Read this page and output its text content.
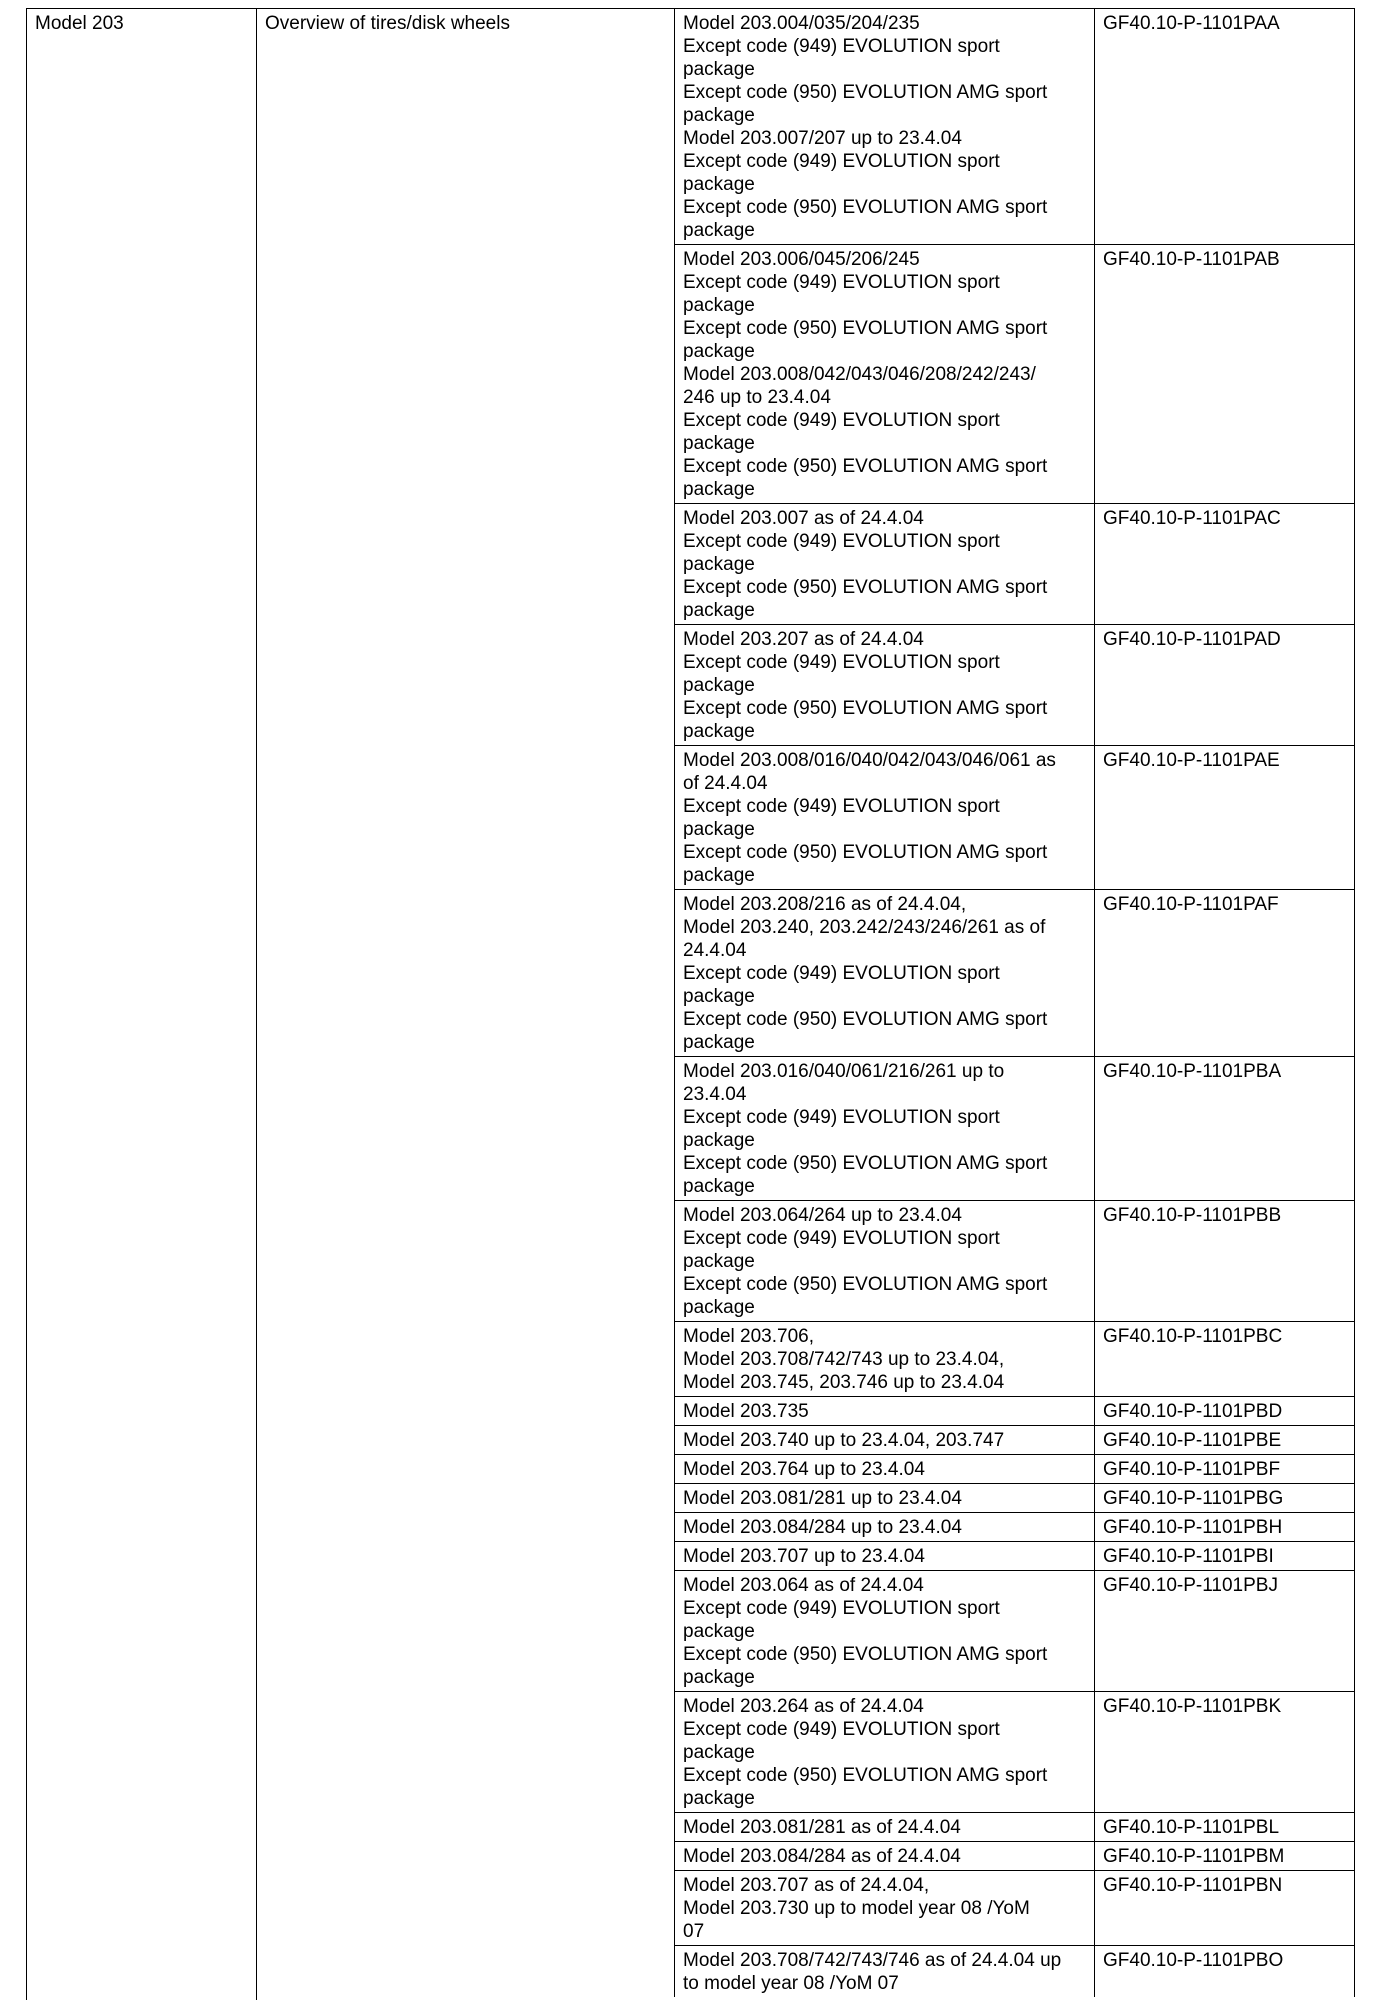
Model 203	Overview of tires/disk wheels	Model 203.004/035/204/235
Except code (949) EVOLUTION sport
package
Except code (950) EVOLUTION AMG sport
package
Model 203.007/207 up to 23.4.04
Except code (949) EVOLUTION sport
package
Except code (950) EVOLUTION AMG sport
package
GF40.10-P-1101PAA
Model 203.006/045/206/245
Except code (949) EVOLUTION sport
package
Except code (950) EVOLUTION AMG sport
package
Model 203.008/042/043/046/208/242/243/
246 up to 23.4.04
Except code (949) EVOLUTION sport
package
Except code (950) EVOLUTION AMG sport
package
GF40.10-P-1101PAB
Model 203.007 as of 24.4.04
Except code (949) EVOLUTION sport
package
Except code (950) EVOLUTION AMG sport
package
GF40.10-P-1101PAC
Model 203.207 as of 24.4.04
Except code (949) EVOLUTION sport
package
Except code (950) EVOLUTION AMG sport
package
GF40.10-P-1101PAD
Model 203.008/016/040/042/043/046/061 as
of 24.4.04
Except code (949) EVOLUTION sport
package
Except code (950) EVOLUTION AMG sport
package
GF40.10-P-1101PAE
Model 203.208/216 as of 24.4.04,
Model 203.240, 203.242/243/246/261 as of
24.4.04
Except code (949) EVOLUTION sport
package
Except code (950) EVOLUTION AMG sport
package
GF40.10-P-1101PAF
Model 203.016/040/061/216/261 up to
23.4.04
Except code (949) EVOLUTION sport
package
Except code (950) EVOLUTION AMG sport
package
GF40.10-P-1101PBA
Model 203.064/264 up to 23.4.04
Except code (949) EVOLUTION sport
package
Except code (950) EVOLUTION AMG sport
package
GF40.10-P-1101PBB
Model 203.706,
Model 203.708/742/743 up to 23.4.04,
Model 203.745, 203.746 up to 23.4.04
GF40.10-P-1101PBC
Model 203.735	GF40.10-P-1101PBD
Model 203.740 up to 23.4.04, 203.747	GF40.10-P-1101PBE
Model 203.764 up to 23.4.04	GF40.10-P-1101PBF
Model 203.081/281 up to 23.4.04	GF40.10-P-1101PBG
Model 203.084/284 up to 23.4.04	GF40.10-P-1101PBH
Model 203.707 up to 23.4.04	GF40.10-P-1101PBI
Model 203.064 as of 24.4.04
Except code (949) EVOLUTION sport
package
Except code (950) EVOLUTION AMG sport
package
GF40.10-P-1101PBJ
Model 203.264 as of 24.4.04
Except code (949) EVOLUTION sport
package
Except code (950) EVOLUTION AMG sport
package
GF40.10-P-1101PBK
Model 203.081/281 as of 24.4.04	GF40.10-P-1101PBL
Model 203.084/284 as of 24.4.04	GF40.10-P-1101PBM
Model 203.707 as of 24.4.04,
Model 203.730 up to model year 08 /YoM
07
GF40.10-P-1101PBN
Model 203.708/742/743/746 as of 24.4.04 up
to model year 08 /YoM 07
GF40.10-P-1101PBO
